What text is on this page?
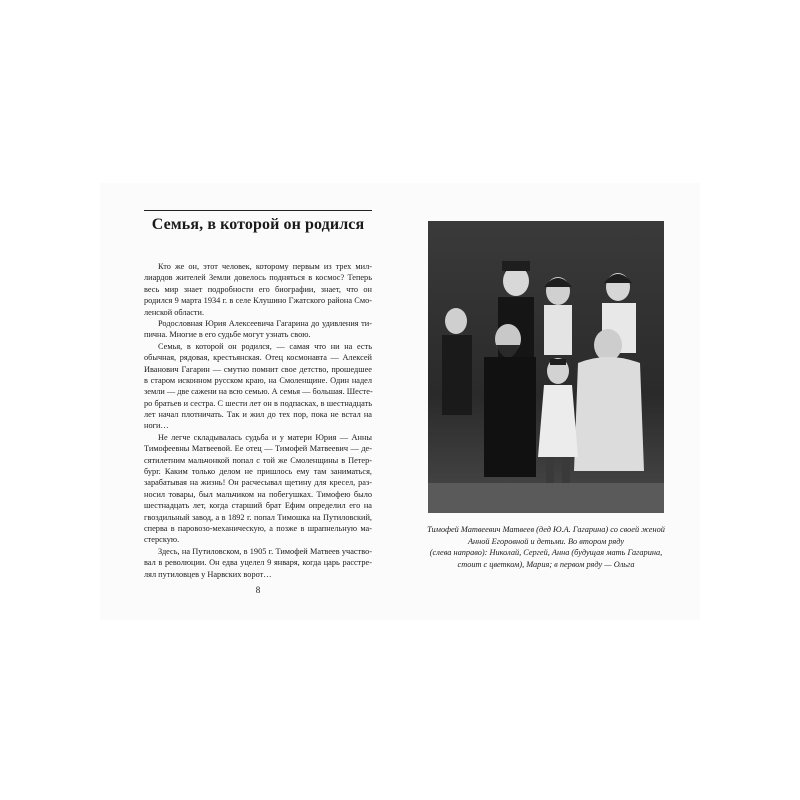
Семья, в которой он родился
Кто же он, этот человек, которому первым из трех мил-
лиардов жителей Земли довелось подняться в космос? Теперь
весь мир знает подробности его биографии, знает, что он
родился 9 марта 1934 г. в селе Клушино Гжатского района Смо-
ленской области.
Родословная Юрия Алексеевича Гагарина до удивления ти-
пична. Многие в его судьбе могут узнать свою.
Семья, в которой он родился, — самая что ни на есть
обычная, рядовая, крестьянская. Отец космонавта — Алексей
Иванович Гагарин — смутно помнит свое детство, прошедшее
в старом исконном русском краю, на Смоленщине. Один надел
земли — две сажени на всю семью. А семья — большая. Шесте-
ро братьев и сестра. С шести лет он в подпасках, в шестнадцать
лет начал плотничать. Так и жил до тех пор, пока не встал на
ноги…
Не легче складывалась судьба и у матери Юрия — Анны
Тимофеевны Матвеевой. Ее отец — Тимофей Матвеевич — де-
сятилетним мальчонкой попал с той же Смоленщины в Петер-
бург. Каким только делом не пришлось ему там заниматься,
зарабатывая на жизнь! Он расчесывал щетину для кресел, раз-
носил товары, был мальчиком на побегушках. Тимофею было
шестнадцать лет, когда старший брат Ефим определил его на
гвоздильный завод, а в 1892 г. попал Тимошка на Путиловский,
сперва в паровозо-механическую, а позже в шрапнельную ма-
стерскую.
Здесь, на Путиловском, в 1905 г. Тимофей Матвеев участво-
вал в революции. Он едва уцелел 9 января, когда царь расстре-
лял путиловцев у Нарвских ворот…
8
Тимофей Матвеевич Матвеев (дед Ю.А. Гагарина) со своей женой
Анной Егоровной и детьми. Во втором ряду
(слева направо): Николай, Сергей, Анна (будущая мать Гагарина,
стоит с цветком), Мария; в первом ряду — Ольга
